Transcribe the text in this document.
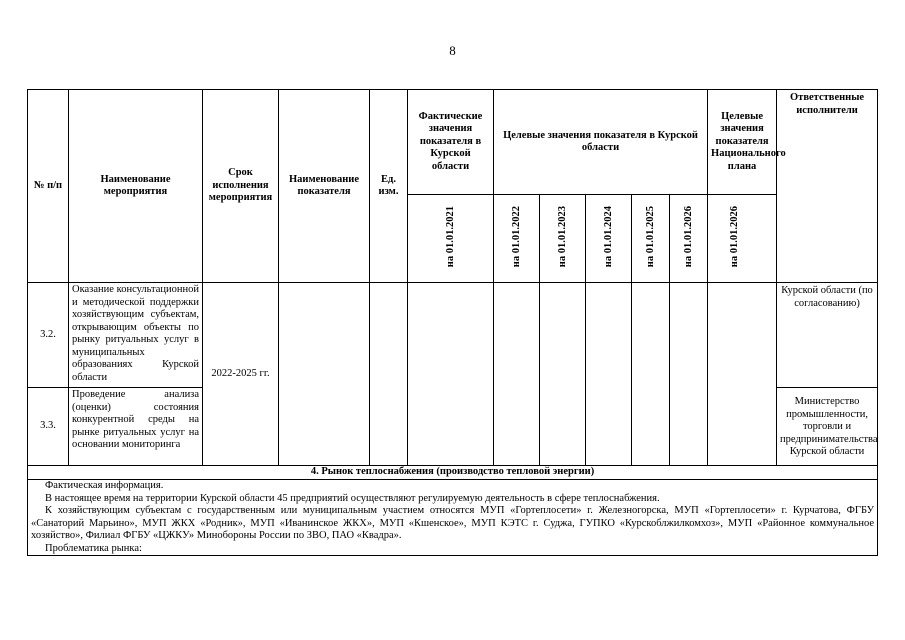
8
№ п/п	Наименование мероприятия	Срок исполнения мероприятия	Наименование показателя	Ед. изм.	Фактические значения показателя в Курской области	Целевые значения показателя в Курской области					Целевые значения показателя Национального плана	Ответственные исполнители
					на 01.01.2021	на 01.01.2022	на 01.01.2023	на 01.01.2024	на 01.01.2025	на 01.01.2026	на 01.01.2026	
3.2.	Оказание консультационной и методической поддержки хозяйствующим субъектам, открывающим объекты по рынку ритуальных услуг в муниципальных образованиях Курской области	2022-2025 гг.										Курской области (по согласованию)
3.3.	Проведение анализа (оценки) состояния конкурентной среды на рынке ритуальных услуг на основании мониторинга											Министерство промышленности, торговли и предпринимательства Курской области
4. Рынок теплоснабжения (производство тепловой энергии)												

Фактическая информация.
В настоящее время на территории Курской области 45 предприятий осуществляют регулируемую деятельность в сфере теплоснабжения.
К хозяйствующим субъектам с государственным или муниципальным участием относятся МУП «Гортеплосети» г. Железногорска, МУП «Гортеплосети» г. Курчатова, ФГБУ «Санаторий Марьино», МУП ЖКХ «Родник», МУП «Иванинское ЖКХ», МУП «Кшенское», МУП КЭТС г. Суджа, ГУПКО «Курскоблжилкомхоз», МУП «Районное коммунальное хозяйство», Филиал ФГБУ «ЦЖКУ» Минобороны России по ЗВО, ПАО «Квадра».
Проблематика рынка:												
